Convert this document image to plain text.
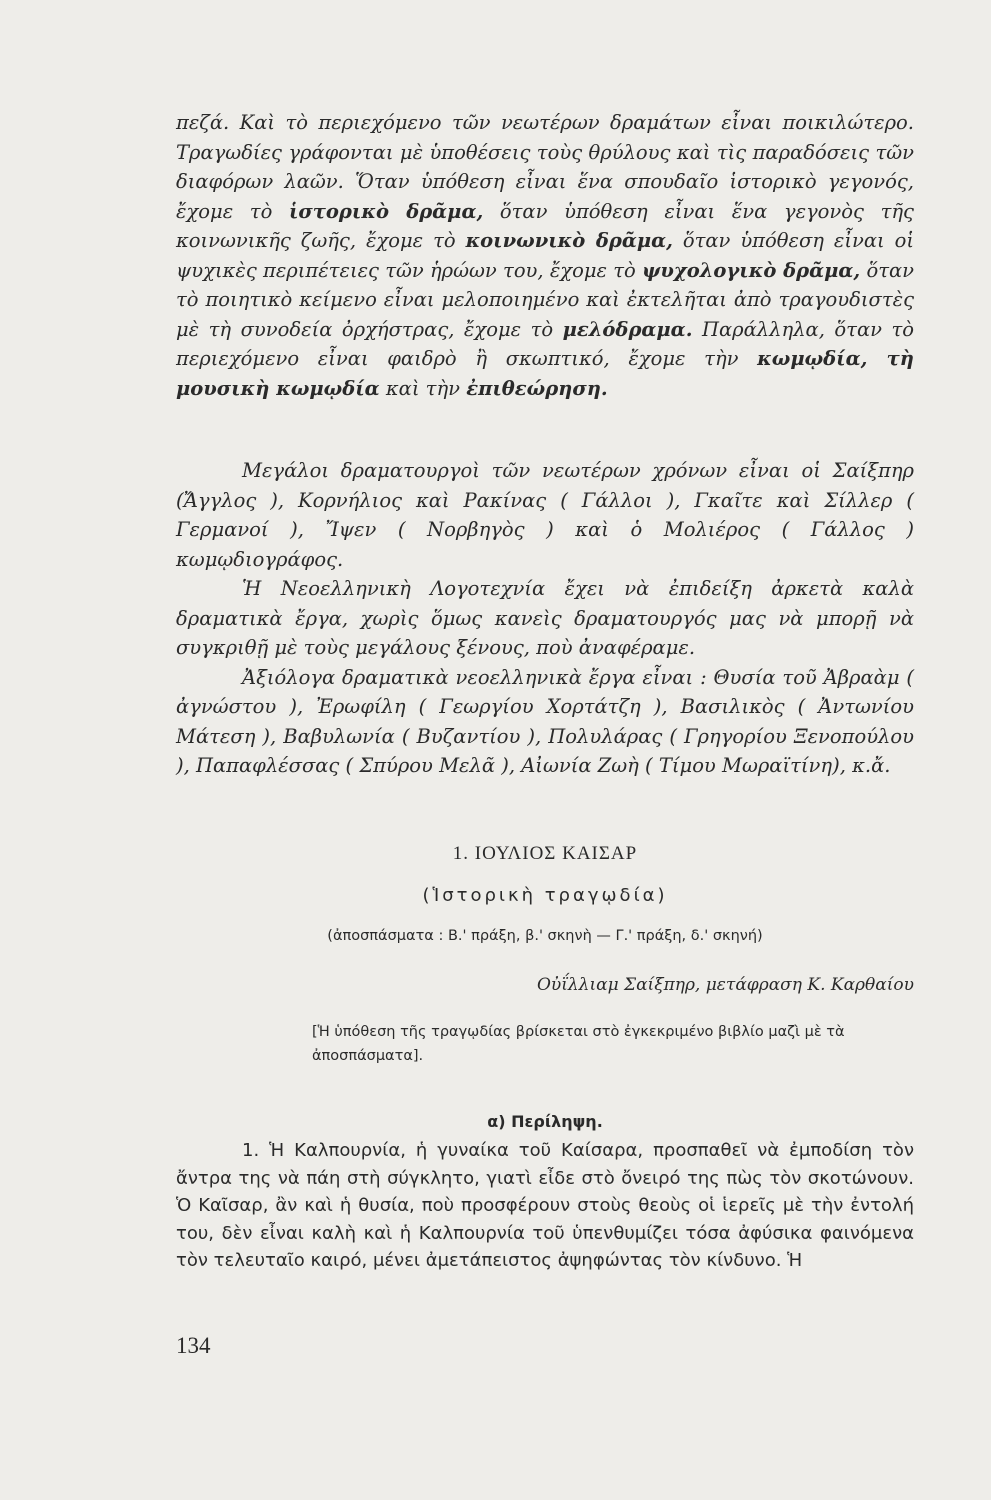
πεζά. Καὶ τὸ περιεχόμενο τῶν νεωτέρων δραμάτων εἶναι ποικιλώτερο. Τραγωδίες γράφονται μὲ ὑποθέσεις τοὺς θρύλους καὶ τὶς παραδόσεις τῶν διαφόρων λαῶν. Ὅταν ὑπόθεση εἶναι ἕνα σπουδαῖο ἱστορικὸ γεγονός, ἔχομε τὸ ἱστορικὸ δρᾶμα, ὅταν ὑπόθεση εἶναι ἕνα γεγονὸς τῆς κοινωνικῆς ζωῆς, ἔχομε τὸ κοινωνικὸ δρᾶμα, ὅταν ὑπόθεση εἶναι οἱ ψυχικὲς περιπέτειες τῶν ἡρώων του, ἔχομε τὸ ψυχολογικὸ δρᾶμα, ὅταν τὸ ποιητικὸ κείμενο εἶναι μελοποιημένο καὶ ἐκτελῆται ἀπὸ τραγουδιστὲς μὲ τὴ συνοδεία ὀρχήστρας, ἔχομε τὸ μελόδραμα. Παράλληλα, ὅταν τὸ περιεχόμενο εἶναι φαιδρὸ ἢ σκωπτικό, ἔχομε τὴν κωμῳδία, τὴ μουσικὴ κωμῳδία καὶ τὴν ἐπιθεώρηση.

Μεγάλοι δραματουργοὶ τῶν νεωτέρων χρόνων εἶναι οἱ Σαίξπηρ (Ἄγγλος ), Κορνήλιος καὶ Ρακίνας ( Γάλλοι ), Γκαῖτε καὶ Σίλλερ ( Γερμανοί ), Ἴψεν ( Νορβηγὸς ) καὶ ὁ Μολιέρος ( Γάλλος ) κωμῳδιογράφος.

Ἡ Νεοελληνικὴ Λογοτεχνία ἔχει νὰ ἐπιδείξη ἀρκετὰ καλὰ δραματικὰ ἔργα, χωρὶς ὅμως κανεὶς δραματουργός μας νὰ μπορῇ νὰ συγκριθῇ μὲ τοὺς μεγάλους ξένους, ποὺ ἀναφέραμε.

Ἀξιόλογα δραματικὰ νεοελληνικὰ ἔργα εἶναι : Θυσία τοῦ Ἀβραὰμ ( ἀγνώστου ), Ἐρωφίλη ( Γεωργίου Χορτάτζη ), Βασιλικὸς ( Ἀντωνίου Μάτεση ), Βαβυλωνία ( Βυζαντίου ), Πολυλάρας ( Γρηγορίου Ξενοπούλου ), Παπαφλέσσας ( Σπύρου Μελᾶ ), Αἰωνία Ζωὴ ( Τίμου Μωραϊτίνη), κ.ἄ.

1. ΙΟΥΛΙΟΣ ΚΑΙΣΑΡ
(Ἱστορικὴ τραγῳδία)
(ἀποσπάσματα : Β.' πράξη, β.' σκηνὴ — Γ.' πράξη, δ.' σκηνή)
Οὐΐλλιαμ Σαίξπηρ, μετάφραση Κ. Καρθαίου
[Ἡ ὑπόθεση τῆς τραγῳδίας βρίσκεται στὸ ἐγκεκριμένο βιβλίο μαζὶ μὲ τὰ ἀποσπάσματα].
α) Περίληψη.

1. Ἡ Καλπουρνία, ἡ γυναίκα τοῦ Καίσαρα, προσπαθεῖ νὰ ἐμποδίση τὸν ἄντρα της νὰ πάη στὴ σύγκλητο, γιατὶ εἶδε στὸ ὄνειρό της πὼς τὸν σκοτώνουν. Ὁ Καῖσαρ, ἂν καὶ ἡ θυσία, ποὺ προσφέρουν στοὺς θεοὺς οἱ ἱερεῖς μὲ τὴν ἐντολή του, δὲν εἶναι καλὴ καὶ ἡ Καλπουρνία τοῦ ὑπενθυμίζει τόσα ἀφύσικα φαινόμενα τὸν τελευταῖο καιρό, μένει ἀμετάπειστος ἀψηφώντας τὸν κίνδυνο. Ἡ

134
